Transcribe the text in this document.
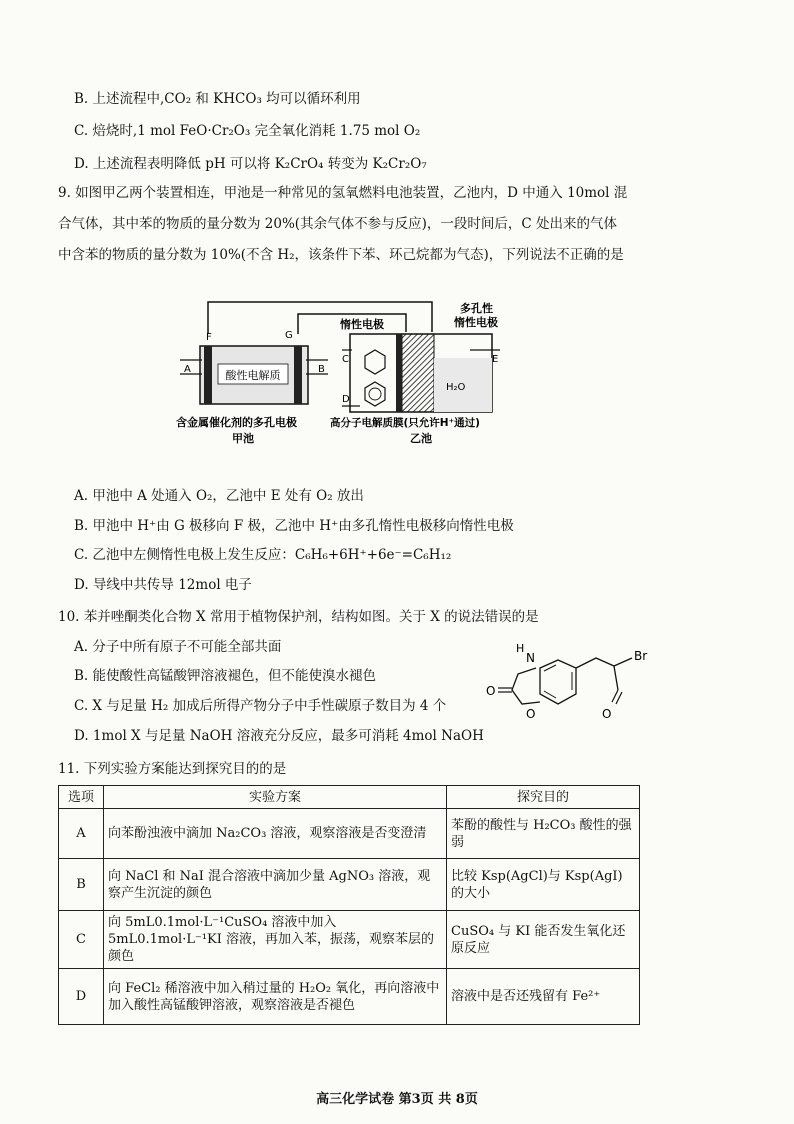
B. 上述流程中,CO₂ 和 KHCO₃ 均可以循环利用
C. 焙烧时,1 mol FeO·Cr₂O₃ 完全氧化消耗 1.75 mol O₂
D. 上述流程表明降低 pH 可以将 K₂CrO₄ 转变为 K₂Cr₂O₇
9. 如图甲乙两个装置相连，甲池是一种常见的氢氧燃料电池装置，乙池内，D 中通入 10mol 混
合气体，其中苯的物质的量分数为 20%(其余气体不参与反应)，一段时间后，C 处出来的气体
中含苯的物质的量分数为 10%(不含 H₂，该条件下苯、环己烷都为气态)，下列说法不正确的是
酸性电解质
F	G
A	B
含金属催化剂的多孔电极
甲池
C
D
E
H₂O
惰性电极
多孔性
惰性电极
高分子电解质膜(只允许H⁺通过)
乙池
A. 甲池中 A 处通入 O₂，乙池中 E 处有 O₂ 放出
B. 甲池中 H⁺由 G 极移向 F 极，乙池中 H⁺由多孔惰性电极移向惰性电极
C. 乙池中左侧惰性电极上发生反应：C₆H₆+6H⁺+6e⁻=C₆H₁₂
D. 导线中共传导 12mol 电子
10. 苯并唑酮类化合物 X 常用于植物保护剂，结构如图。关于 X 的说法错误的是
A. 分子中所有原子不可能全部共面
B. 能使酸性高锰酸钾溶液褪色，但不能使溴水褪色
C. X 与足量 H₂ 加成后所得产物分子中手性碳原子数目为 4 个
D. 1mol X 与足量 NaOH 溶液充分反应，最多可消耗 4mol NaOH
N
H
O
O
Br
O
11. 下列实验方案能达到探究目的的是
选项	实验方案	探究目的
A	向苯酚浊液中滴加 Na₂CO₃ 溶液，观察溶液是否变澄清	苯酚的酸性与 H₂CO₃ 酸性的强弱
B	向 NaCl 和 NaI 混合溶液中滴加少量 AgNO₃ 溶液，观察产生沉淀的颜色	比较 Ksp(AgCl)与 Ksp(AgI)的大小
C	向 5mL0.1mol·L⁻¹CuSO₄ 溶液中加入 5mL0.1mol·L⁻¹KI 溶液，再加入苯，振荡，观察苯层的颜色	CuSO₄ 与 KI 能否发生氧化还原反应
D	向 FeCl₂ 稀溶液中加入稍过量的 H₂O₂ 氧化，再向溶液中加入酸性高锰酸钾溶液，观察溶液是否褪色	溶液中是否还残留有 Fe²⁺
高三化学试卷 第3页 共 8页
